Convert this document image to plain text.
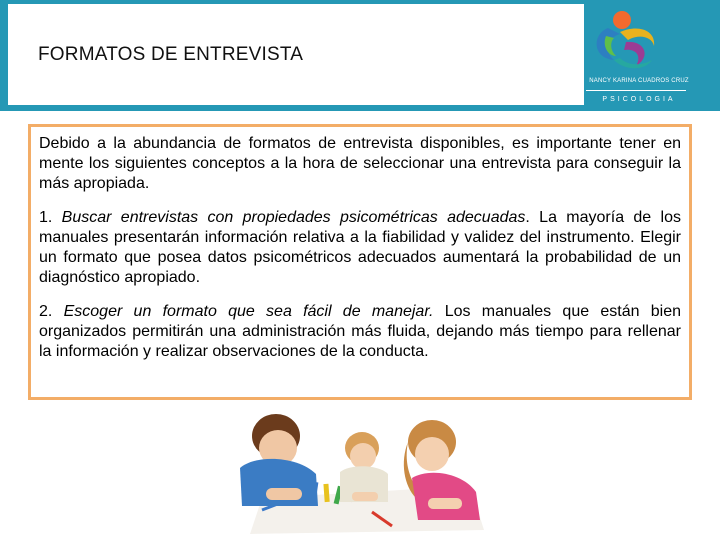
FORMATOS DE ENTREVISTA
NANCY KARINA CUADROS CRUZ
PSICOLOGIA

Debido a la abundancia de formatos de entrevista disponibles, es importante tener en mente los siguientes conceptos a la hora de seleccionar una entrevista para conseguir la más apropiada.

1. Buscar entrevistas con propiedades psicométricas adecuadas. La mayoría de los manuales presentarán información relativa a la fiabilidad y validez del instrumento. Elegir un formato que posea datos psicométricos adecuados aumentará la probabilidad de un diagnóstico apropiado.

2. Escoger un formato que sea fácil de manejar. Los manuales que están bien organizados permitirán una administración más fluida, dejando más tiempo para rellenar la información y realizar observaciones de la conducta.
